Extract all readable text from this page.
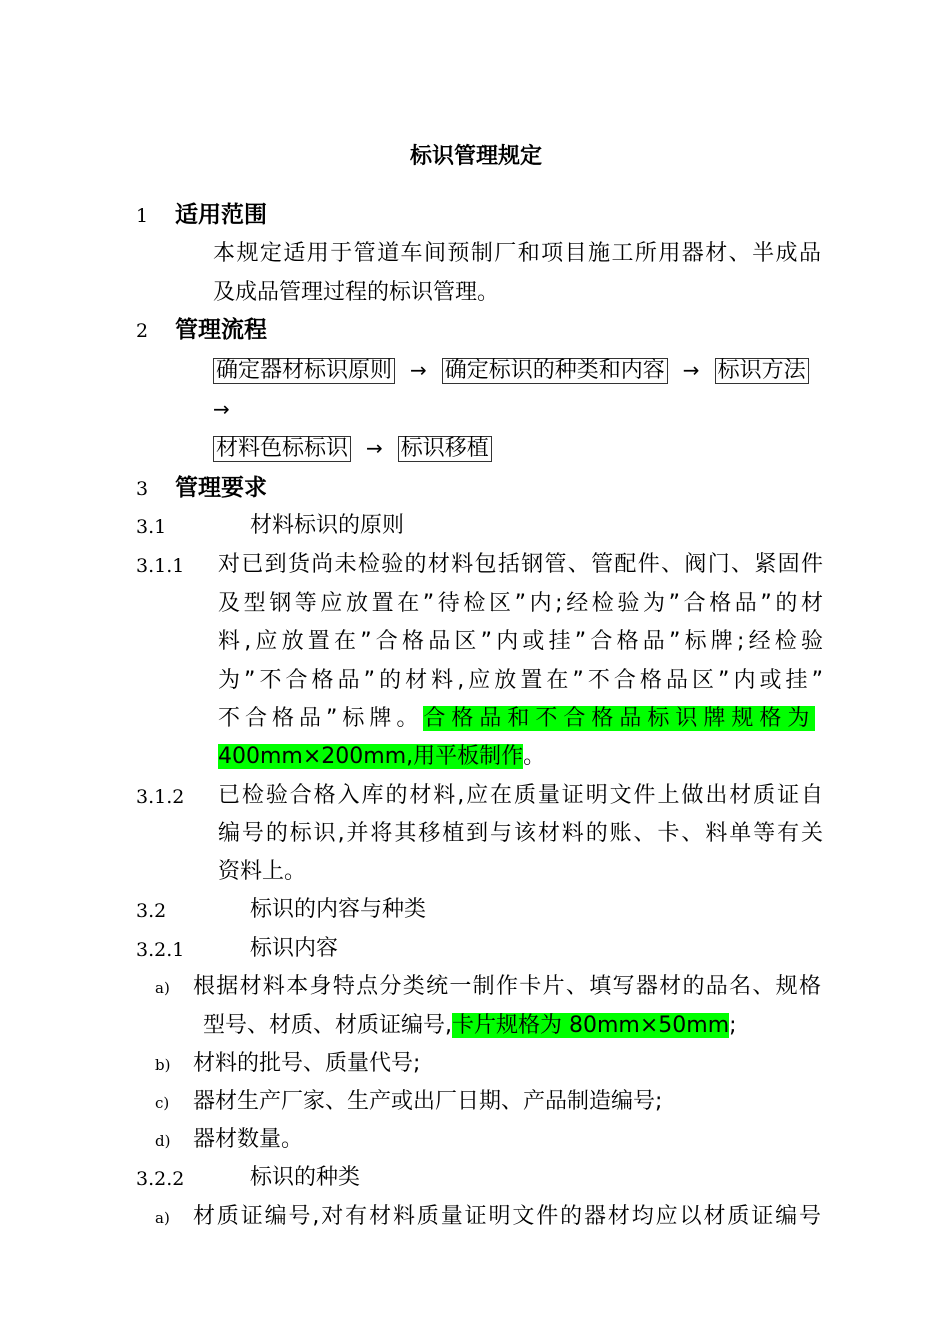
标识管理规定
1 适用范围
本规定适用于管道车间预制厂和项目施工所用器材、半成品
及成品管理过程的标识管理。
2 管理流程
确定器材标识原则 → 确定标识的种类和内容 → 标识方法
→
材料色标标识 → 标识移植
3 管理要求
3.1	材料标识的原则
3.1.1 对已到货尚未检验的材料包括钢管、管配件、阀门、紧固件
及型钢等应放置在”待检区”内;经检验为”合格品”的材
料,应放置在”合格品区”内或挂”合格品”标牌;经检验
为”不合格品”的材料,应放置在”不合格品区”内或挂”
不合格品”标牌。合格品和不合格品标识牌规格为
400mm×200mm,用平板制作。
3.1.2 已检验合格入库的材料,应在质量证明文件上做出材质证自
编号的标识,并将其移植到与该材料的账、卡、料单等有关
资料上。
3.2	标识的内容与种类
3.2.1	标识内容
a) 根据材料本身特点分类统一制作卡片、填写器材的品名、规格
型号、材质、材质证编号,卡片规格为 80mm×50mm;
b) 材料的批号、质量代号;
c) 器材生产厂家、生产或出厂日期、产品制造编号;
d) 器材数量。
3.2.2	标识的种类
a) 材质证编号,对有材料质量证明文件的器材均应以材质证编号
